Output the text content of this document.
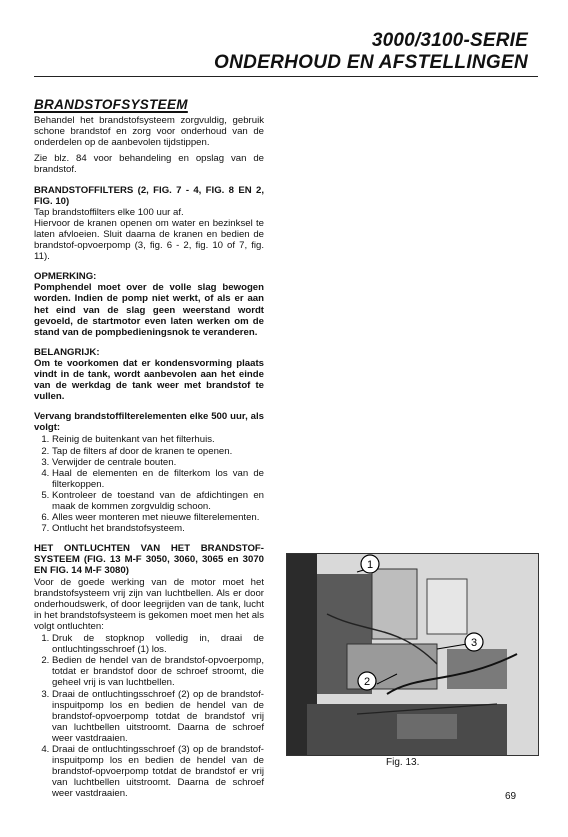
3000/3100-SERIE
ONDERHOUD EN AFSTELLINGEN
BRANDSTOFSYSTEEM

Behandel het brandstofsysteem zorgvuldig, gebruik schone brandstof en zorg voor onderhoud van de onderdelen op de aanbevolen tijdstippen.

Zie blz. 84 voor behandeling en opslag van de brandstof.

BRANDSTOFFILTERS (2, FIG. 7 - 4, FIG. 8 EN 2, FIG. 10)

Tap brandstoffilters elke 100 uur af.

Hiervoor de kranen openen om water en bezinksel te laten afvloeien. Sluit daarna de kranen en bedien de brandstof-opvoerpomp (3, fig. 6 - 2, fig. 10 of 7, fig. 11).

OPMERKING:

Pomphendel moet over de volle slag bewogen worden. Indien de pomp niet werkt, of als er aan het eind van de slag geen weerstand wordt gevoeld, de startmotor even laten werken om de stand van de pompbedieningsnok te veranderen.

BELANGRIJK:

Om te voorkomen dat er kondensvorming plaats vindt in de tank, wordt aanbevolen aan het einde van de werkdag de tank weer met brandstof te vullen.

Vervang brandstoffilterelementen elke 500 uur, als volgt:

1. Reinig de buitenkant van het filterhuis.
2. Tap de filters af door de kranen te openen.
3. Verwijder de centrale bouten.
4. Haal de elementen en de filterkom los van de filterkoppen.
5. Kontroleer de toestand van de afdichtingen en maak de kommen zorgvuldig schoon.
6. Alles weer monteren met nieuwe filterelementen.
7. Ontlucht het brandstofsysteem.

HET ONTLUCHTEN VAN HET BRANDSTOF-SYSTEEM (FIG. 13 M-F 3050, 3060, 3065 en 3070 EN FIG. 14 M-F 3080)

Voor de goede werking van de motor moet het brandstofsysteem vrij zijn van luchtbellen. Als er door onderhoudswerk, of door leegrijden van de tank, lucht in het brandstofsysteem is gekomen moet men het als volgt ontluchten:

1. Druk de stopknop volledig in, draai de ontluchtingsschroef (1) los.
2. Bedien de hendel van de brandstof-opvoerpomp, totdat er brandstof door de schroef stroomt, die geheel vrij is van luchtbellen.
3. Draai de ontluchtingsschroef (2) op de brandstof-inspuitpomp los en bedien de hendel van de brandstof-opvoerpomp totdat de brandstof vrij van luchtbellen uitstroomt. Daarna de schroef weer vastdraaien.
4. Draai de ontluchtingsschroef (3) op de brandstof-inspuitpomp los en bedien de hendel van de brandstof-opvoerpomp totdat de brandstof er vrij van luchtbellen uitstroomt. Daarna de schroef weer vastdraaien.
1
2
3
Fig. 13.
69
